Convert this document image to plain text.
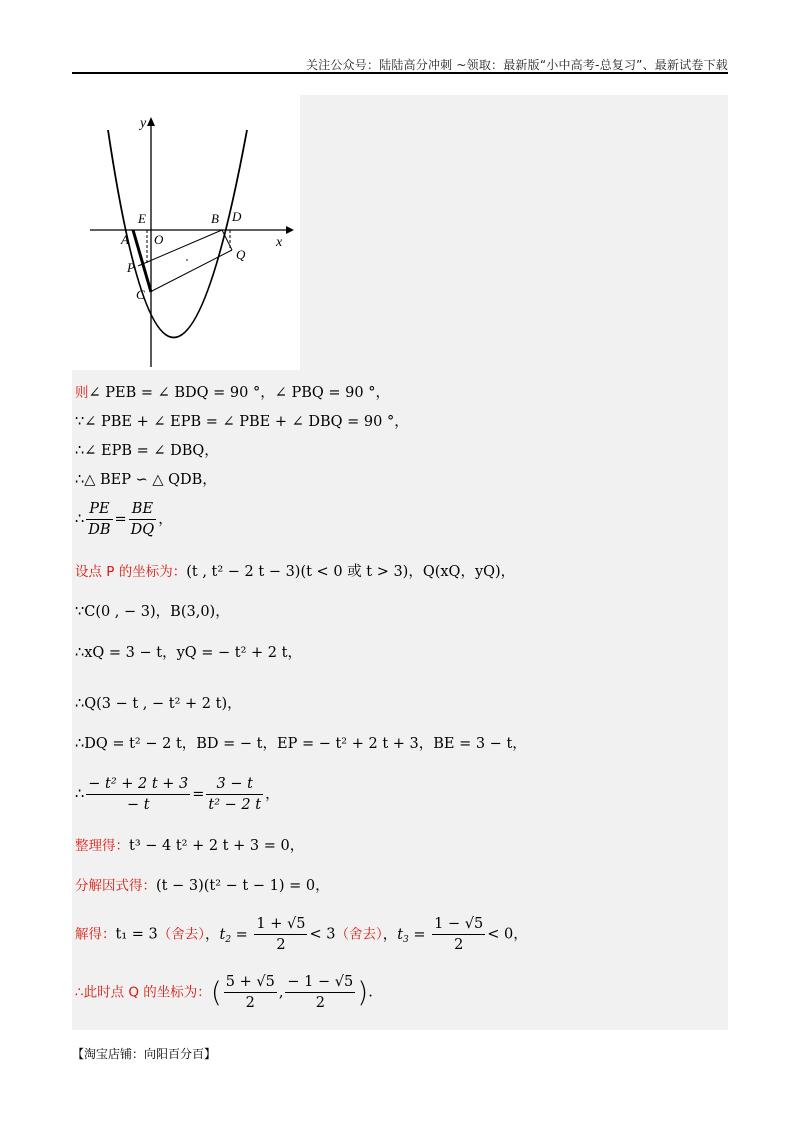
关注公众号：陆陆高分冲刺 ~领取：最新版“小中高考-总复习”、最新试卷下载
y
x
E
O
A
B D
P
Q
C
则∠ PEB = ∠ BDQ = 90 °，∠ PBQ = 90 °，
∵∠ PBE + ∠ EPB = ∠ PBE + ∠ DBQ = 90 °，
∴∠ EPB = ∠ DBQ，
∴△ BEP ∽ △ QDB，
∴ $\frac{PE}{DB} = \frac{BE}{DQ}$ ，
设点 P 的坐标为：(t , t² − 2 t − 3)(t < 0 或 t > 3)，Q(xQ，yQ)，
∵C(0 , − 3)，B(3,0)，
∴xQ = 3 − t，yQ = − t² + 2 t，
∴Q(3 − t , − t² + 2 t)，
∴DQ = t² − 2 t，BD = − t，EP = − t² + 2 t + 3，BE = 3 − t，
∴ $\frac{\text{− t² + 2 t + 3}}{- t} = \frac{3 - t}{\text{t² − 2 t}}$ ，
整理得：t³ − 4 t² + 2 t + 3 = 0，
分解因式得：(t − 3)(t² − t − 1) = 0，
解得：t₁ = 3（舍去），$t_2 = \frac{1 + √5}{2} < 3$（舍去），$t_3 = \frac{1 - √5}{2} < 0$，
∴此时点 Q 的坐标为：( $\frac{5 + √5}{2}$ , $\frac{- 1 - √5}{2}$ ).
【淘宝店铺：向阳百分百】
